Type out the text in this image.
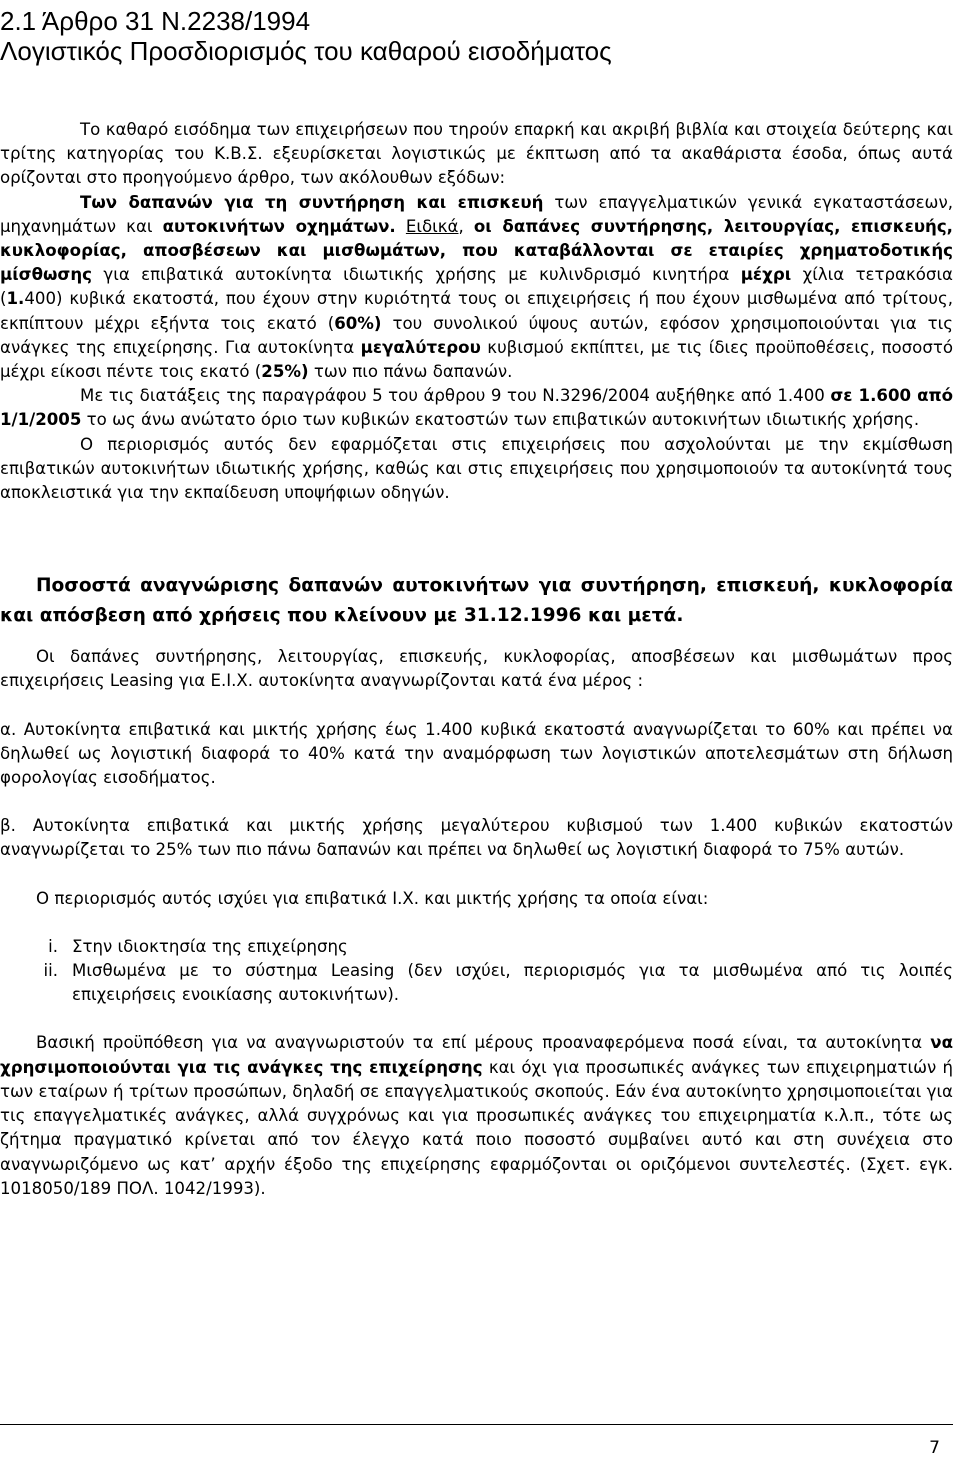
2.1 Άρθρο 31 Ν.2238/1994
Λογιστικός Προσδιορισμός του καθαρού εισοδήματος

Το καθαρό εισόδημα των επιχειρήσεων που τηρούν επαρκή και ακριβή βιβλία και στοιχεία δεύτερης και τρίτης κατηγορίας του Κ.Β.Σ. εξευρίσκεται λογιστικώς με έκπτωση από τα ακαθάριστα έσοδα, όπως αυτά ορίζονται στο προηγούμενο άρθρο, των ακόλουθων εξόδων:

Των δαπανών για τη συντήρηση και επισκευή των επαγγελματικών γενικά εγκαταστάσεων, μηχανημάτων και αυτοκινήτων οχημάτων. Ειδικά, οι δαπάνες συντήρησης, λειτουργίας, επισκευής, κυκλοφορίας, αποσβέσεων και μισθωμάτων, που καταβάλλονται σε εταιρίες χρηματοδοτικής μίσθωσης για επιβατικά αυτοκίνητα ιδιωτικής χρήσης με κυλινδρισμό κινητήρα μέχρι χίλια τετρακόσια (1.400) κυβικά εκατοστά, που έχουν στην κυριότητά τους οι επιχειρήσεις ή που έχουν μισθωμένα από τρίτους, εκπίπτουν μέχρι εξήντα τοις εκατό (60%) του συνολικού ύψους αυτών, εφόσον χρησιμοποιούνται για τις ανάγκες της επιχείρησης. Για αυτοκίνητα μεγαλύτερου κυβισμού εκπίπτει, με τις ίδιες προϋποθέσεις, ποσοστό μέχρι είκοσι πέντε τοις εκατό (25%) των πιο πάνω δαπανών.

Με τις διατάξεις της παραγράφου 5 του άρθρου 9 του Ν.3296/2004 αυξήθηκε από 1.400 σε 1.600 από 1/1/2005 το ως άνω ανώτατο όριο των κυβικών εκατοστών των επιβατικών αυτοκινήτων ιδιωτικής χρήσης.

Ο περιορισμός αυτός δεν εφαρμόζεται στις επιχειρήσεις που ασχολούνται με την εκμίσθωση επιβατικών αυτοκινήτων ιδιωτικής χρήσης, καθώς και στις επιχειρήσεις που χρησιμοποιούν τα αυτοκίνητά τους αποκλειστικά για την εκπαίδευση υποψήφιων οδηγών.

Ποσοστά αναγνώρισης δαπανών αυτοκινήτων για συντήρηση, επισκευή, κυκλοφορία και απόσβεση από χρήσεις που κλείνουν με 31.12.1996 και μετά.

Οι δαπάνες συντήρησης, λειτουργίας, επισκευής, κυκλοφορίας, αποσβέσεων και μισθωμάτων προς επιχειρήσεις Leasing για Ε.Ι.Χ. αυτοκίνητα αναγνωρίζονται κατά ένα μέρος :

α. Αυτοκίνητα επιβατικά και μικτής χρήσης έως 1.400 κυβικά εκατοστά αναγνωρίζεται το 60% και πρέπει να δηλωθεί ως λογιστική διαφορά το 40% κατά την αναμόρφωση των λογιστικών αποτελεσμάτων στη δήλωση φορολογίας εισοδήματος.

β. Αυτοκίνητα επιβατικά και μικτής χρήσης μεγαλύτερου κυβισμού των 1.400 κυβικών εκατοστών αναγνωρίζεται το 25% των πιο πάνω δαπανών και πρέπει να δηλωθεί ως λογιστική διαφορά το 75% αυτών.

Ο περιορισμός αυτός ισχύει για επιβατικά Ι.Χ. και μικτής χρήσης τα οποία είναι:

i. Στην ιδιοκτησία της επιχείρησης
ii. Μισθωμένα με το σύστημα Leasing (δεν ισχύει, περιορισμός για τα μισθωμένα από τις λοιπές επιχειρήσεις ενοικίασης αυτοκινήτων).

Βασική προϋπόθεση για να αναγνωριστούν τα επί μέρους προαναφερόμενα ποσά είναι, τα αυτοκίνητα να χρησιμοποιούνται για τις ανάγκες της επιχείρησης και όχι για προσωπικές ανάγκες των επιχειρηματιών ή των εταίρων ή τρίτων προσώπων, δηλαδή σε επαγγελματικούς σκοπούς. Εάν ένα αυτοκίνητο χρησιμοποιείται για τις επαγγελματικές ανάγκες, αλλά συγχρόνως και για προσωπικές ανάγκες του επιχειρηματία κ.λ.π., τότε ως ζήτημα πραγματικό κρίνεται από τον έλεγχο κατά ποιο ποσοστό συμβαίνει αυτό και στη συνέχεια στο αναγνωριζόμενο ως κατ’ αρχήν έξοδο της επιχείρησης εφαρμόζονται οι οριζόμενοι συντελεστές. (Σχετ. εγκ. 1018050/189 ΠΟΛ. 1042/1993).

7
